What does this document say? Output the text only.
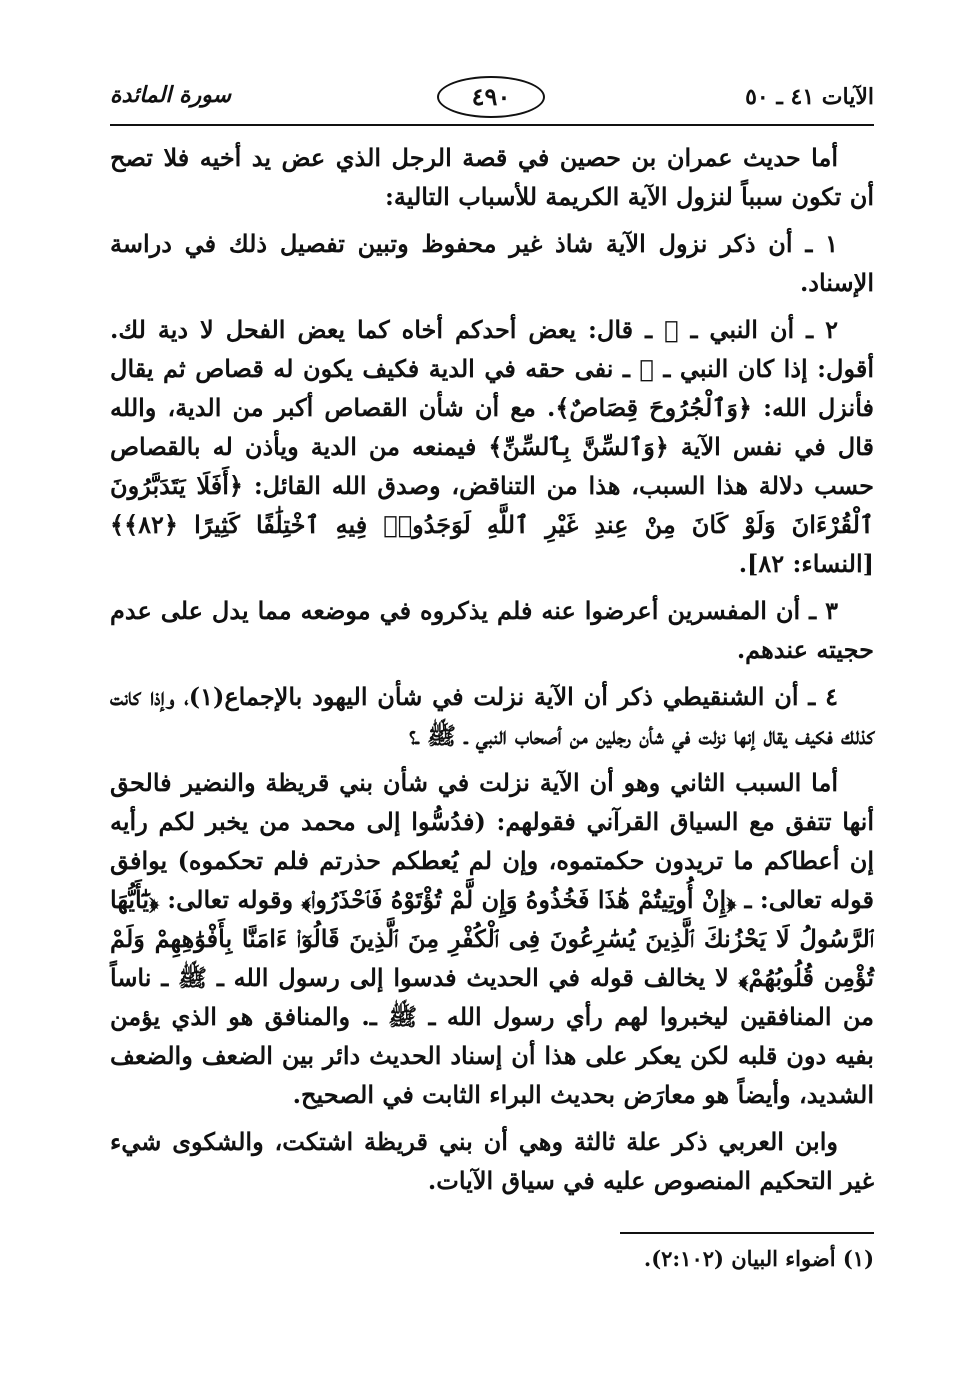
الآيات ٤١ ـ ٥٠
٤٩٠
سورة المائدة

أما حديث عمران بن حصين في قصة الرجل الذي عض يد أخيه فلا تصح أن تكون سبباً لنزول الآية الكريمة للأسباب التالية:

١ ـ أن ذكر نزول الآية شاذ غير محفوظ وتبين تفصيل ذلك في دراسة الإسناد.

٢ ـ أن النبي ـ ﷺ ـ قال: يعض أحدكم أخاه كما يعض الفحل لا دية لك. أقول: إذا كان النبي ـ ﷺ ـ نفى حقه في الدية فكيف يكون له قصاص ثم يقال فأنزل الله: ﴿وَٱلْجُرُوحَ قِصَاصٌ﴾. مع أن شأن القصاص أكبر من الدية، والله قال في نفس الآية ﴿وَٱلسِّنَّ بِٱلسِّنِّ﴾ فيمنعه من الدية ويأذن له بالقصاص حسب دلالة هذا السبب، هذا من التناقض، وصدق الله القائل: ﴿أَفَلَا يَتَدَبَّرُونَ ٱلْقُرْءَانَ وَلَوْ كَانَ مِنْ عِندِ غَيْرِ ٱللَّهِ لَوَجَدُوا۟ فِيهِ ٱخْتِلَٰفًا كَثِيرًا ﴿٨٢﴾﴾ [النساء: ٨٢].

٣ ـ أن المفسرين أعرضوا عنه فلم يذكروه في موضعه مما يدل على عدم حجيته عندهم.

٤ ـ أن الشنقيطي ذكر أن الآية نزلت في شأن اليهود بالإجماع(١)، وإذا كانت كذلك فكيف يقال إنها نزلت في شأن رجلين من أصحاب النبي ـ ﷺ ـ؟

أما السبب الثاني وهو أن الآية نزلت في شأن بني قريظة والنضير فالحق أنها تتفق مع السياق القرآني فقولهم: (فدُسُّوا إلى محمد من يخبر لكم رأيه إن أعطاكم ما تريدون حكمتموه، وإن لم يُعطكم حذرتم فلم تحكموه) يوافق قوله تعالى: ـ ﴿إِنْ أُوتِيتُمْ هَٰذَا فَخُذُوهُ وَإِن لَّمْ تُؤْتَوْهُ فَٱحْذَرُوا۟﴾ وقوله تعالى: ﴿يَٰٓأَيُّهَا ٱلرَّسُولُ لَا يَحْزُنكَ ٱلَّذِينَ يُسَٰرِعُونَ فِى ٱلْكُفْرِ مِنَ ٱلَّذِينَ قَالُوٓا۟ ءَامَنَّا بِأَفْوَٰهِهِمْ وَلَمْ تُؤْمِن قُلُوبُهُمْ﴾ لا يخالف قوله في الحديث فدسوا إلى رسول الله ـ ﷺ ـ ناساً من المنافقين ليخبروا لهم رأي رسول الله ـ ﷺ ـ. والمنافق هو الذي يؤمن بفيه دون قلبه لكن يعكر على هذا أن إسناد الحديث دائر بين الضعف والضعف الشديد، وأيضاً هو معارَض بحديث البراء الثابت في الصحيح.

وابن العربي ذكر علة ثالثة وهي أن بني قريظة اشتكت، والشكوى شيء غير التحكيم المنصوص عليه في سياق الآيات.

(١) أضواء البيان (٢:١٠٢).
